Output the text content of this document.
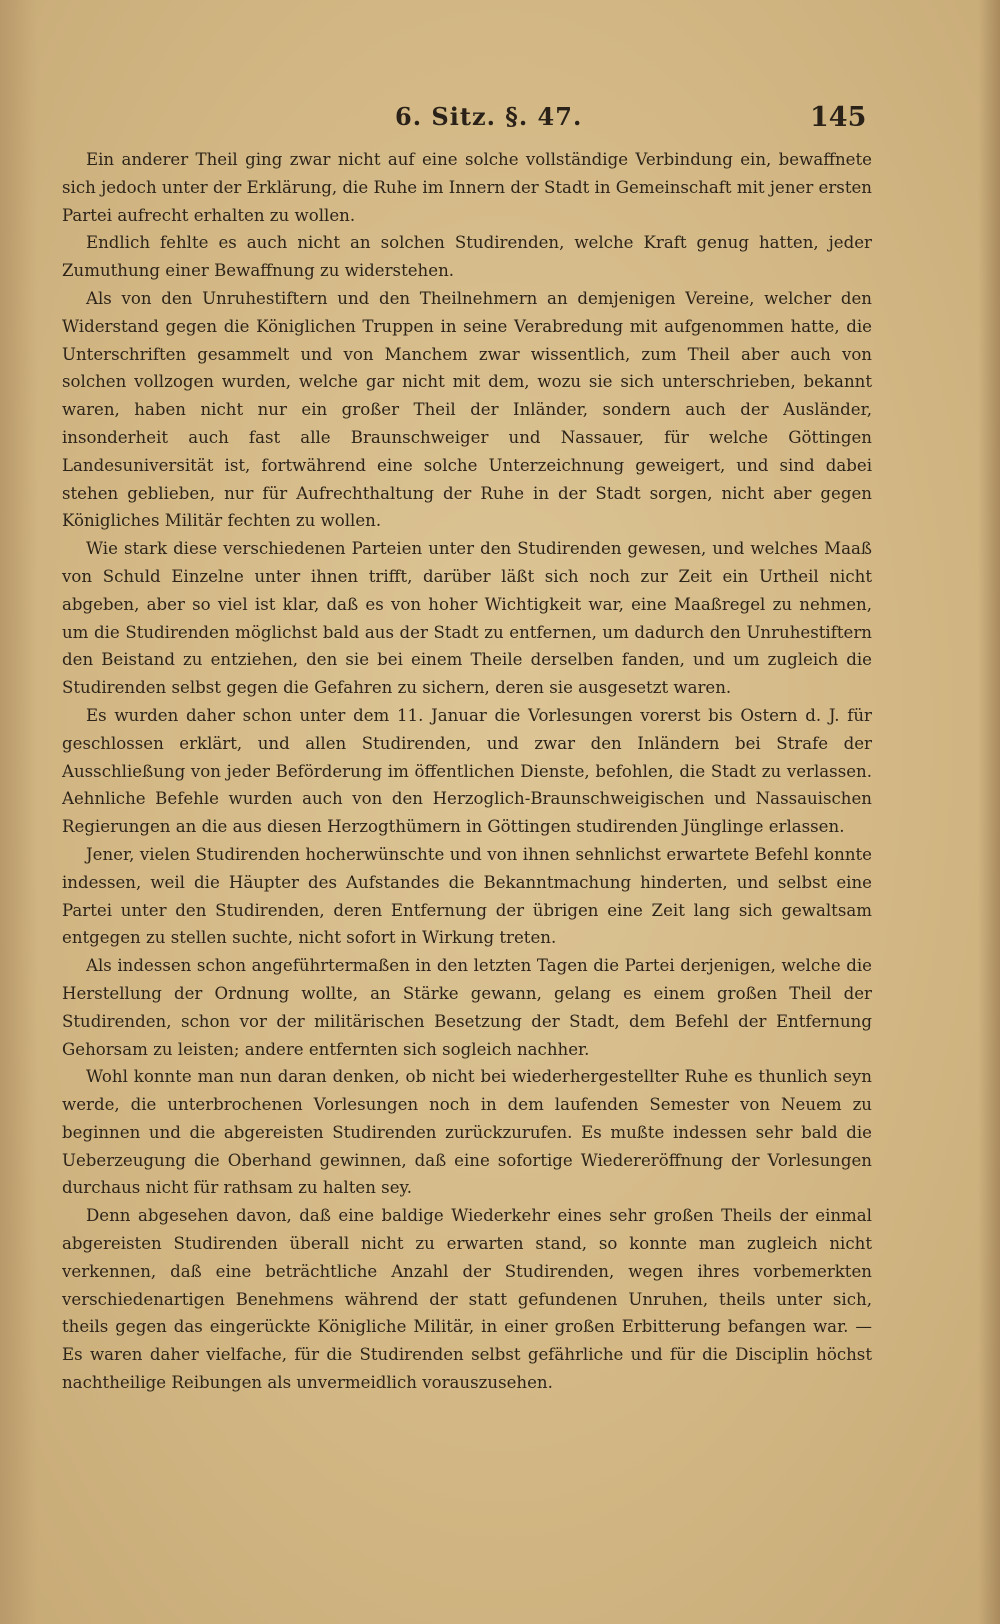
6. Sitz. §. 47.	145

Ein anderer Theil ging zwar nicht auf eine solche vollständige Verbindung ein, bewaffnete sich jedoch unter der Erklärung, die Ruhe im Innern der Stadt in Gemeinschaft mit jener ersten Partei aufrecht erhalten zu wollen.

Endlich fehlte es auch nicht an solchen Studirenden, welche Kraft genug hatten, jeder Zumuthung einer Bewaffnung zu widerstehen.

Als von den Unruhestiftern und den Theilnehmern an demjenigen Vereine, welcher den Widerstand gegen die Königlichen Truppen in seine Verabredung mit aufgenommen hatte, die Unterschriften gesammelt und von Manchem zwar wissentlich, zum Theil aber auch von solchen vollzogen wurden, welche gar nicht mit dem, wozu sie sich unterschrieben, bekannt waren, haben nicht nur ein großer Theil der Inländer, sondern auch der Ausländer, insonderheit auch fast alle Braunschweiger und Nassauer, für welche Göttingen Landesuniversität ist, fortwährend eine solche Unterzeichnung geweigert, und sind dabei stehen geblieben, nur für Aufrechthaltung der Ruhe in der Stadt sorgen, nicht aber gegen Königliches Militär fechten zu wollen.

Wie stark diese verschiedenen Parteien unter den Studirenden gewesen, und welches Maaß von Schuld Einzelne unter ihnen trifft, darüber läßt sich noch zur Zeit ein Urtheil nicht abgeben, aber so viel ist klar, daß es von hoher Wichtigkeit war, eine Maaßregel zu nehmen, um die Studirenden möglichst bald aus der Stadt zu entfernen, um dadurch den Unruhestiftern den Beistand zu entziehen, den sie bei einem Theile derselben fanden, und um zugleich die Studirenden selbst gegen die Gefahren zu sichern, deren sie ausgesetzt waren.

Es wurden daher schon unter dem 11. Januar die Vorlesungen vorerst bis Ostern d. J. für geschlossen erklärt, und allen Studirenden, und zwar den Inländern bei Strafe der Ausschließung von jeder Beförderung im öffentlichen Dienste, befohlen, die Stadt zu verlassen. Aehnliche Befehle wurden auch von den Herzoglich-Braunschweigischen und Nassauischen Regierungen an die aus diesen Herzogthümern in Göttingen studirenden Jünglinge erlassen.

Jener, vielen Studirenden hocherwünschte und von ihnen sehnlichst erwartete Befehl konnte indessen, weil die Häupter des Aufstandes die Bekanntmachung hinderten, und selbst eine Partei unter den Studirenden, deren Entfernung der übrigen eine Zeit lang sich gewaltsam entgegen zu stellen suchte, nicht sofort in Wirkung treten.

Als indessen schon angeführtermaßen in den letzten Tagen die Partei derjenigen, welche die Herstellung der Ordnung wollte, an Stärke gewann, gelang es einem großen Theil der Studirenden, schon vor der militärischen Besetzung der Stadt, dem Befehl der Entfernung Gehorsam zu leisten; andere entfernten sich sogleich nachher.

Wohl konnte man nun daran denken, ob nicht bei wiederhergestellter Ruhe es thunlich seyn werde, die unterbrochenen Vorlesungen noch in dem laufenden Semester von Neuem zu beginnen und die abgereisten Studirenden zurückzurufen. Es mußte indessen sehr bald die Ueberzeugung die Oberhand gewinnen, daß eine sofortige Wiedereröffnung der Vorlesungen durchaus nicht für rathsam zu halten sey.

Denn abgesehen davon, daß eine baldige Wiederkehr eines sehr großen Theils der einmal abgereisten Studirenden überall nicht zu erwarten stand, so konnte man zugleich nicht verkennen, daß eine beträchtliche Anzahl der Studirenden, wegen ihres vorbemerkten verschiedenartigen Benehmens während der statt gefundenen Unruhen, theils unter sich, theils gegen das eingerückte Königliche Militär, in einer großen Erbitterung befangen war. — Es waren daher vielfache, für die Studirenden selbst gefährliche und für die Disciplin höchst nachtheilige Reibungen als unvermeidlich vorauszusehen.
